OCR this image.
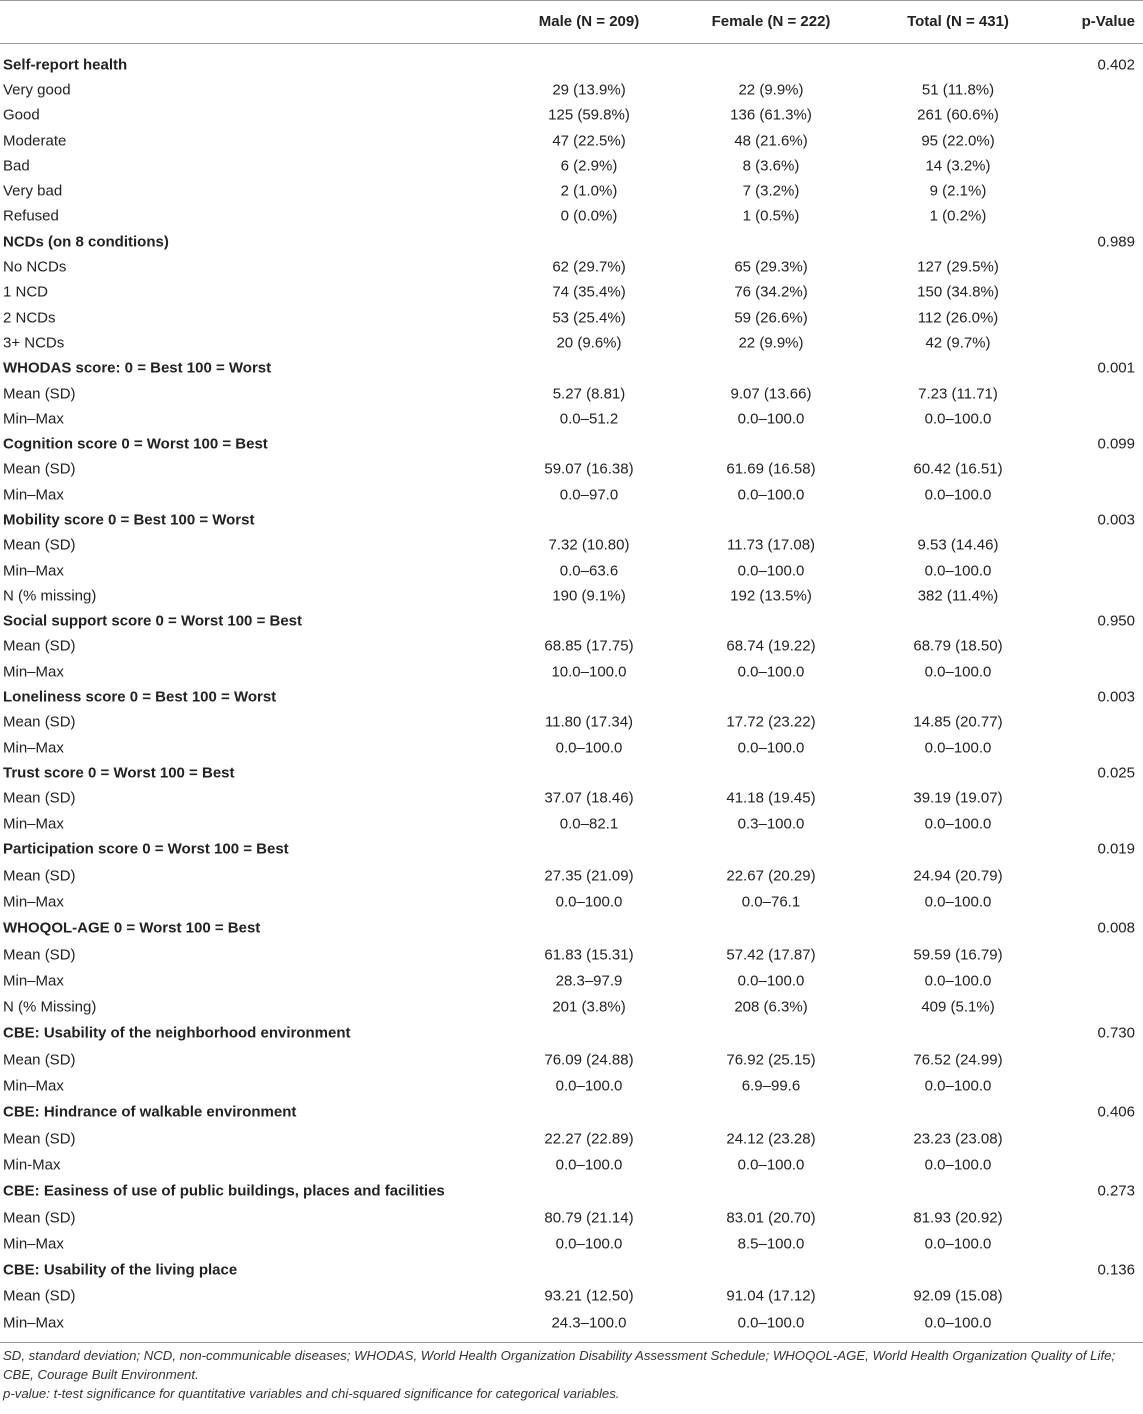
Male (N = 209)	Female (N = 222)	Total (N = 431)	p-Value
Self-report health	0.402
Very good	29 (13.9%)	22 (9.9%)	51 (11.8%)
Good	125 (59.8%)	136 (61.3%)	261 (60.6%)
Moderate	47 (22.5%)	48 (21.6%)	95 (22.0%)
Bad	6 (2.9%)	8 (3.6%)	14 (3.2%)
Very bad	2 (1.0%)	7 (3.2%)	9 (2.1%)
Refused	0 (0.0%)	1 (0.5%)	1 (0.2%)
NCDs (on 8 conditions)	0.989
No NCDs	62 (29.7%)	65 (29.3%)	127 (29.5%)
1 NCD	74 (35.4%)	76 (34.2%)	150 (34.8%)
2 NCDs	53 (25.4%)	59 (26.6%)	112 (26.0%)
3+ NCDs	20 (9.6%)	22 (9.9%)	42 (9.7%)
WHODAS score: 0 = Best 100 = Worst	0.001
Mean (SD)	5.27 (8.81)	9.07 (13.66)	7.23 (11.71)
Min–Max	0.0–51.2	0.0–100.0	0.0–100.0
Cognition score 0 = Worst 100 = Best	0.099
Mean (SD)	59.07 (16.38)	61.69 (16.58)	60.42 (16.51)
Min–Max	0.0–97.0	0.0–100.0	0.0–100.0
Mobility score 0 = Best 100 = Worst	0.003
Mean (SD)	7.32 (10.80)	11.73 (17.08)	9.53 (14.46)
Min–Max	0.0–63.6	0.0–100.0	0.0–100.0
N (% missing)	190 (9.1%)	192 (13.5%)	382 (11.4%)
Social support score 0 = Worst 100 = Best	0.950
Mean (SD)	68.85 (17.75)	68.74 (19.22)	68.79 (18.50)
Min–Max	10.0–100.0	0.0–100.0	0.0–100.0
Loneliness score 0 = Best 100 = Worst	0.003
Mean (SD)	11.80 (17.34)	17.72 (23.22)	14.85 (20.77)
Min–Max	0.0–100.0	0.0–100.0	0.0–100.0
Trust score 0 = Worst 100 = Best	0.025
Mean (SD)	37.07 (18.46)	41.18 (19.45)	39.19 (19.07)
Min–Max	0.0–82.1	0.3–100.0	0.0–100.0
Participation score 0 = Worst 100 = Best	0.019
Mean (SD)	27.35 (21.09)	22.67 (20.29)	24.94 (20.79)
Min–Max	0.0–100.0	0.0–76.1	0.0–100.0
WHOQOL-AGE 0 = Worst 100 = Best	0.008
Mean (SD)	61.83 (15.31)	57.42 (17.87)	59.59 (16.79)
Min–Max	28.3–97.9	0.0–100.0	0.0–100.0
N (% Missing)	201 (3.8%)	208 (6.3%)	409 (5.1%)
CBE: Usability of the neighborhood environment	0.730
Mean (SD)	76.09 (24.88)	76.92 (25.15)	76.52 (24.99)
Min–Max	0.0–100.0	6.9–99.6	0.0–100.0
CBE: Hindrance of walkable environment	0.406
Mean (SD)	22.27 (22.89)	24.12 (23.28)	23.23 (23.08)
Min-Max	0.0–100.0	0.0–100.0	0.0–100.0
CBE: Easiness of use of public buildings, places and facilities	0.273
Mean (SD)	80.79 (21.14)	83.01 (20.70)	81.93 (20.92)
Min–Max	0.0–100.0	8.5–100.0	0.0–100.0
CBE: Usability of the living place	0.136
Mean (SD)	93.21 (12.50)	91.04 (17.12)	92.09 (15.08)
Min–Max	24.3–100.0	0.0–100.0	0.0–100.0

SD, standard deviation; NCD, non-communicable diseases; WHODAS, World Health Organization Disability Assessment Schedule; WHOQOL-AGE, World Health Organization Quality of Life; CBE, Courage Built Environment.

p-value: t-test significance for quantitative variables and chi-squared significance for categorical variables.
